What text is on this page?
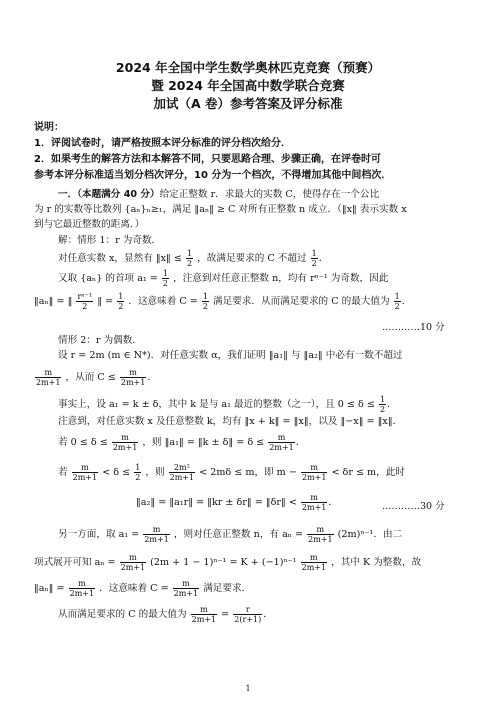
2024 年全国中学生数学奥林匹克竞赛（预赛）
暨 2024 年全国高中数学联合竞赛
加试（A 卷）参考答案及评分标准
说明：
1．评阅试卷时，请严格按照本评分标准的评分档次给分．
2．如果考生的解答方法和本解答不同，只要思路合理、步骤正确，在评卷时可
参考本评分标准适当划分档次评分，10 分为一个档次，不得增加其他中间档次．
一．（本题满分 40 分）给定正整数 r．求最大的实数 C，使得存在一个公比
为 r 的实数等比数列 {aₙ}ₙ≥₁，满足 ‖aₙ‖ ≥ C 对所有正整数 n 成立．（‖x‖ 表示实数 x
到与它最近整数的距离．）
解：情形 1：r 为奇数．
对任意实数 x，显然有 ‖x‖ ≤ $\frac{1}{2}$ ，故满足要求的 C 不超过 $\frac{1}{2}$ ．
又取 {aₙ} 的首项 $a_1 = \frac{1}{2}$ ，注意到对任意正整数 n，均有 rⁿ⁻¹ 为奇数，因此
‖aₙ‖ = ‖ $\frac{\text{rⁿ⁻¹}}{2}$ ‖ = $\frac{1}{2}$ ．这意味着 $C = \frac{1}{2}$ 满足要求．从而满足要求的 C 的最大值为 $\frac{1}{2}$ ．
…………10 分
情形 2：r 为偶数．
设 r = 2m (m ∈ N*)．对任意实数 α，我们证明 ‖a₁‖ 与 ‖a₂‖ 中必有一数不超过
$\frac{m}{2m+1}$ ，从而 $C \le \frac{m}{2m+1}$ ．
事实上，设 a₁ = k ± δ，其中 k 是与 a₁ 最近的整数（之一），且 $0 \le \delta \le \frac{1}{2}$ ．
注意到，对任意实数 x 及任意整数 k，均有 ‖x + k‖ = ‖x‖，以及 ‖−x‖ = ‖x‖．
若 $0 \le \delta \le \frac{m}{2m+1}$ ，则 ‖a₁‖ = ‖k ± δ‖ = $\delta \le \frac{m}{2m+1}$ ．
若 $\frac{m}{2m+1} < \delta \le \frac{1}{2}$ ，则 $\frac{\text{2m²}}{2m+1} < 2m\delta \le m$，即 $m - \frac{m}{2m+1} < \delta r \le m$，此时
‖a₂‖ = ‖a₁r‖ = ‖kr ± δr‖ = ‖δr‖ < $\frac{m}{2m+1}$ ．	…………30 分
另一方面，取 $a_1 = \frac{m}{2m+1}$ ，则对任意正整数 n，有 $a_n = \frac{m}{2m+1} (2m)^{n-1}$．由二
项式展开可知 $a_n = \frac{m}{2m+1} (2m + 1 - 1)^{n-1} = K + (-1)^{n-1} \frac{m}{2m+1}$ ，其中 K 为整数，故
‖aₙ‖ = $\frac{m}{2m+1}$ ．这意味着 $C = \frac{m}{2m+1}$ 满足要求．
从而满足要求的 C 的最大值为 $\frac{m}{2m+1} = \frac{r}{2(r+1)}$ ．
1
